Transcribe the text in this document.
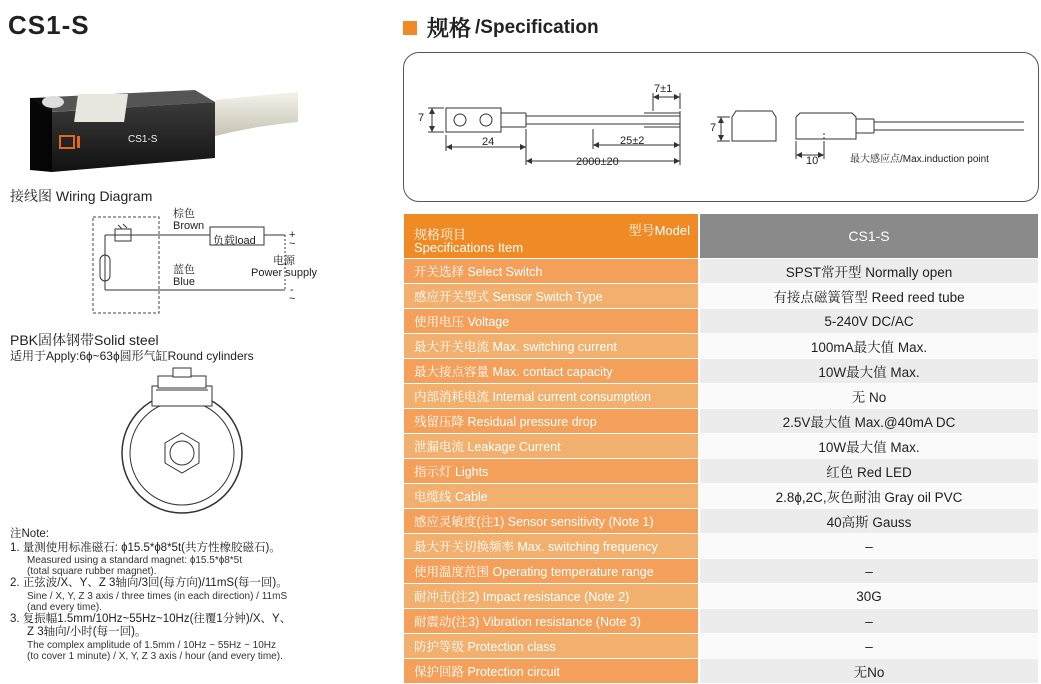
CS1-S
CS1-S
接线图 Wiring Diagram
棕色
Brown
蓝色
Blue
负载load	+
~
-
~
电源
Power supply
PBK固体钢带Solid steel
适用于Apply:6ɸ~63ɸ圆形气缸Round cylinders
注Note:
1. 量测使用标准磁石: ɸ15.5*ɸ8*5t(共方性橡胶磁石)。
Measured using a standard magnet: ɸ15.5*ɸ8*5t
(total square rubber magnet).
2. 正弦波/X、Y、Z 3轴向/3回(每方向)/11mS(每一回)。
Sine / X, Y, Z 3 axis / three times (in each direction) / 11mS
(and every time).
3. 复振幅1.5mm/10Hz~55Hz~10Hz(往覆1分钟)/X、Y、
Z 3轴向/小时(每一回)。
The complex amplitude of 1.5mm / 10Hz ~ 55Hz ~ 10Hz
(to cover 1 minute) / X, Y, Z 3 axis / hour (and every time).
规格 /Specification
7
7±1
24	25±2
2000±20
7
10	最大感应点/Max.induction point
型号Model
规格项目
Specifications Item	CS1-S
开关选择 Select Switch	SPST常开型 Normally open
感应开关型式 Sensor Switch Type	有接点磁簧管型 Reed reed tube
使用电压 Voltage	5-240V DC/AC
最大开关电流 Max. switching current	100mA最大值 Max.
最大接点容量 Max. contact capacity	10W最大值 Max.
内部消耗电流 Internal current consumption	无 No
残留压降 Residual pressure drop	2.5V最大值 Max.@40mA DC
泄漏电流 Leakage Current	10W最大值 Max.
指示灯 Lights	红色 Red LED
电缆线 Cable	2.8ɸ,2C,灰色耐油 Gray oil PVC
感应灵敏度(注1) Sensor sensitivity (Note 1)	40高斯 Gauss
最大开关切换频率 Max. switching frequency	–
使用温度范围 Operating temperature range	–
耐冲击(注2) Impact resistance (Note 2)	30G
耐震动(注3) Vibration resistance (Note 3)	–
防护等级 Protection class	–
保护回路 Protection circuit	无No
